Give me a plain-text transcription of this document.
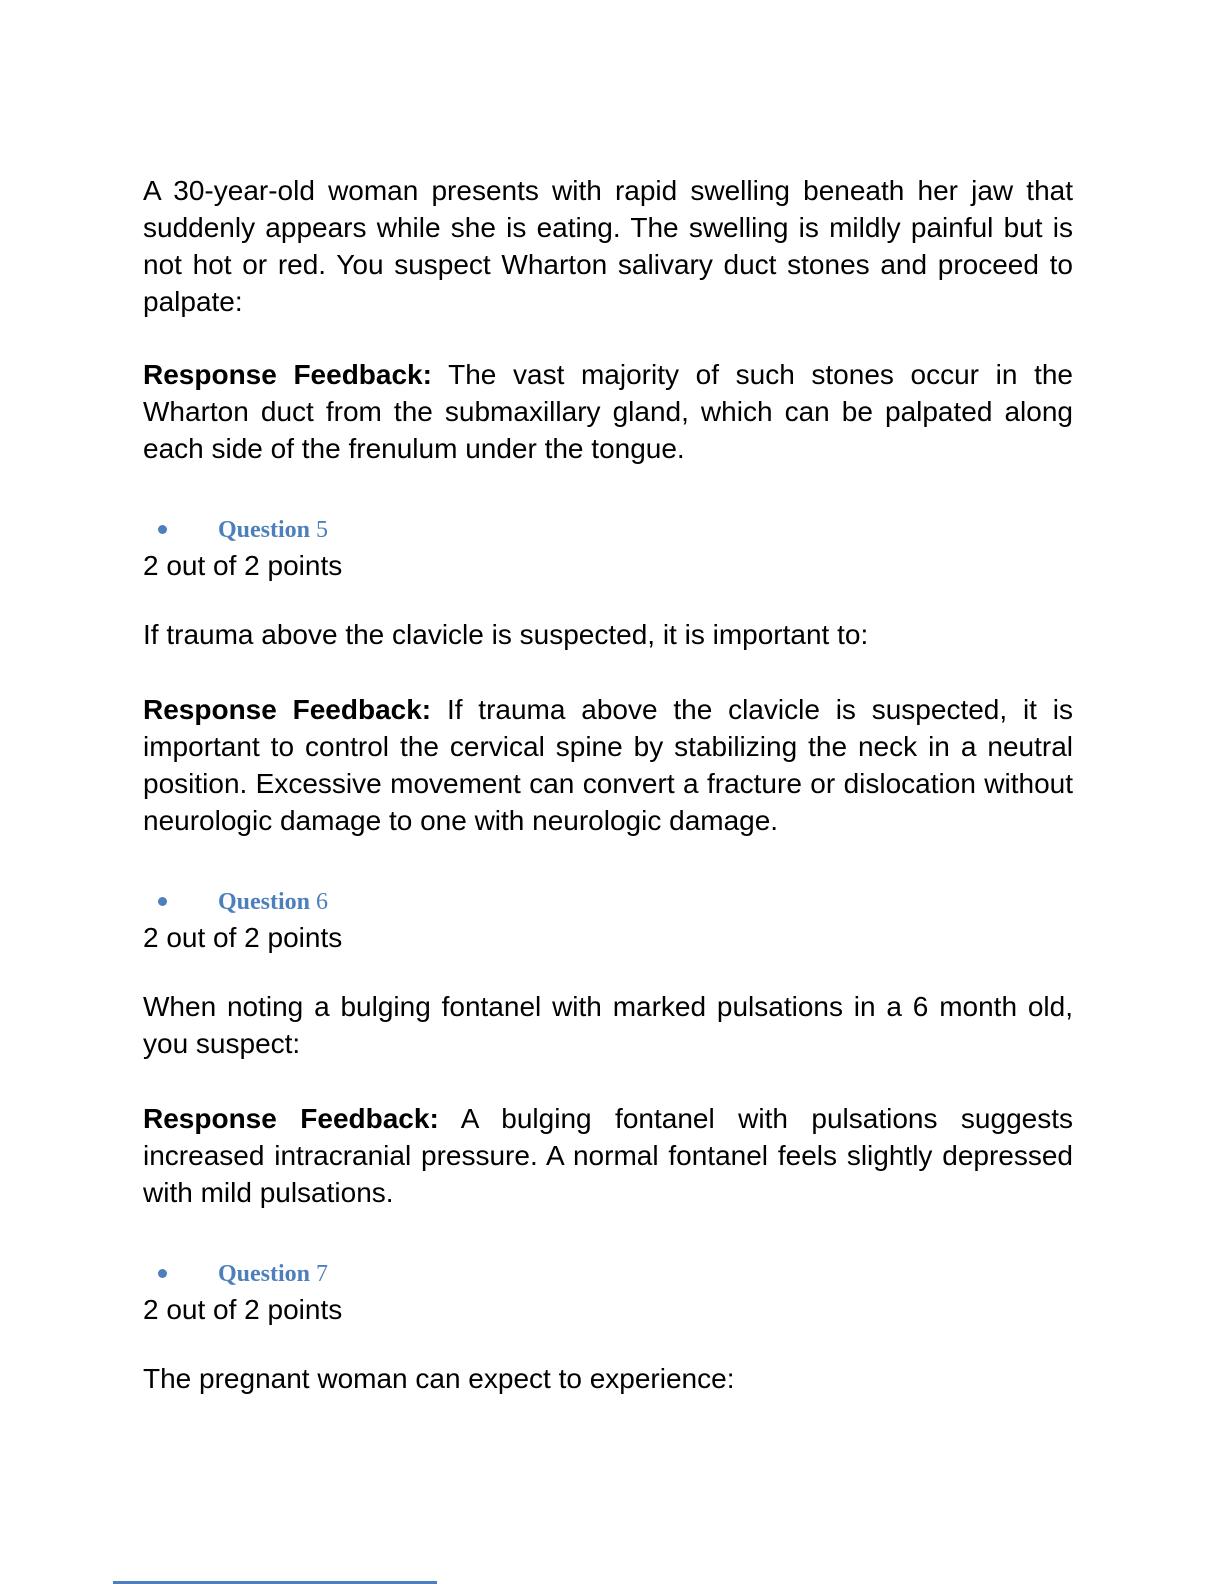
A 30-year-old woman presents with rapid swelling beneath her jaw that suddenly appears while she is eating. The swelling is mildly painful but is not hot or red. You suspect Wharton salivary duct stones and proceed to palpate:

Response Feedback: The vast majority of such stones occur in the Wharton duct from the submaxillary gland, which can be palpated along each side of the frenulum under the tongue.

Question 5

2 out of 2 points

If trauma above the clavicle is suspected, it is important to:

Response Feedback: If trauma above the clavicle is suspected, it is important to control the cervical spine by stabilizing the neck in a neutral position. Excessive movement can convert a fracture or dislocation without neurologic damage to one with neurologic damage.

Question 6

2 out of 2 points

When noting a bulging fontanel with marked pulsations in a 6 month old, you suspect:

Response Feedback: A bulging fontanel with pulsations suggests increased intracranial pressure. A normal fontanel feels slightly depressed with mild pulsations.

Question 7

2 out of 2 points

The pregnant woman can expect to experience:
